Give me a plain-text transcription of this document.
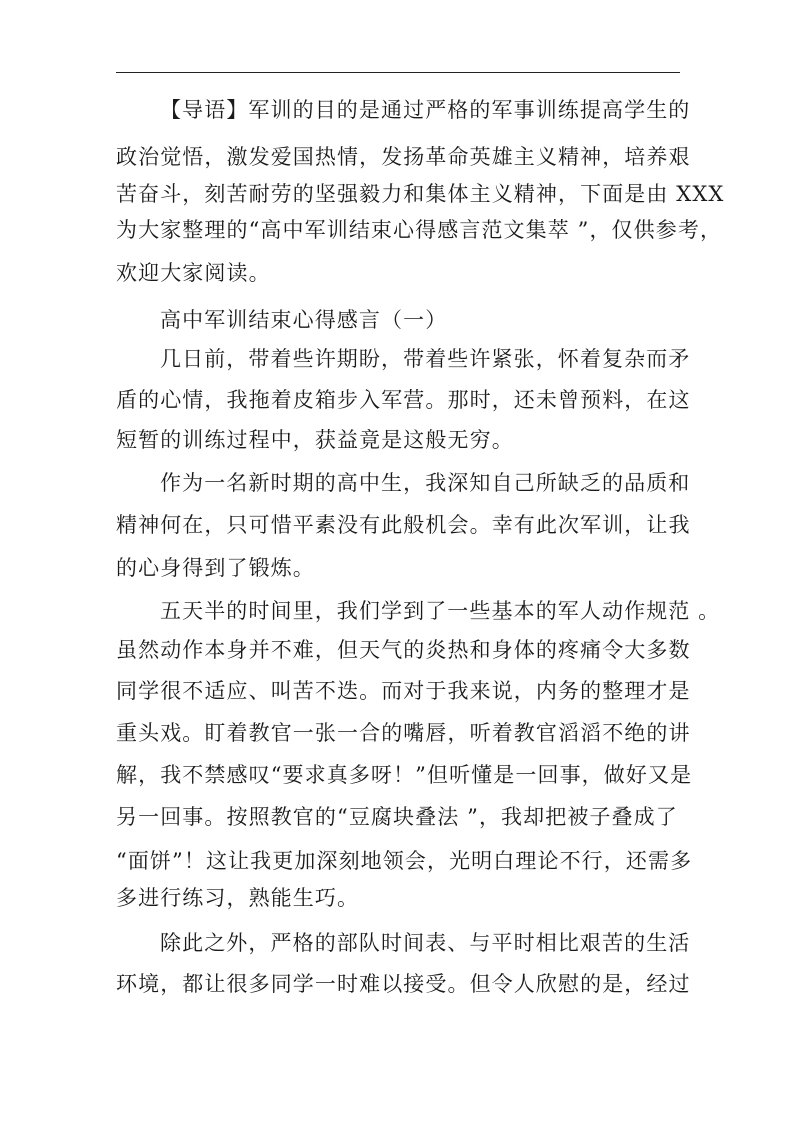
【导语】军训的目的是通过严格的军事训练提高学生的
政治觉悟，激发爱国热情，发扬革命英雄主义精神，培养艰
苦奋斗，刻苦耐劳的坚强毅力和集体主义精神，下面是由 XXX
为大家整理的“高中军训结束心得感言范文集萃 ”，仅供参考，
欢迎大家阅读。
高中军训结束心得感言（一）
几日前，带着些许期盼，带着些许紧张，怀着复杂而矛
盾的心情，我拖着皮箱步入军营。那时，还未曾预料，在这
短暂的训练过程中，获益竟是这般无穷。
作为一名新时期的高中生，我深知自己所缺乏的品质和
精神何在，只可惜平素没有此般机会。幸有此次军训，让我
的心身得到了锻炼。
五天半的时间里，我们学到了一些基本的军人动作规范 。
虽然动作本身并不难，但天气的炎热和身体的疼痛令大多数
同学很不适应、叫苦不迭。而对于我来说，内务的整理才是
重头戏。盯着教官一张一合的嘴唇，听着教官滔滔不绝的讲
解，我不禁感叹“要求真多呀！”但听懂是一回事，做好又是
另一回事。按照教官的“豆腐块叠法 ”，我却把被子叠成了
“面饼”！这让我更加深刻地领会，光明白理论不行，还需多
多进行练习，熟能生巧。
除此之外，严格的部队时间表、与平时相比艰苦的生活
环境，都让很多同学一时难以接受。但令人欣慰的是，经过
